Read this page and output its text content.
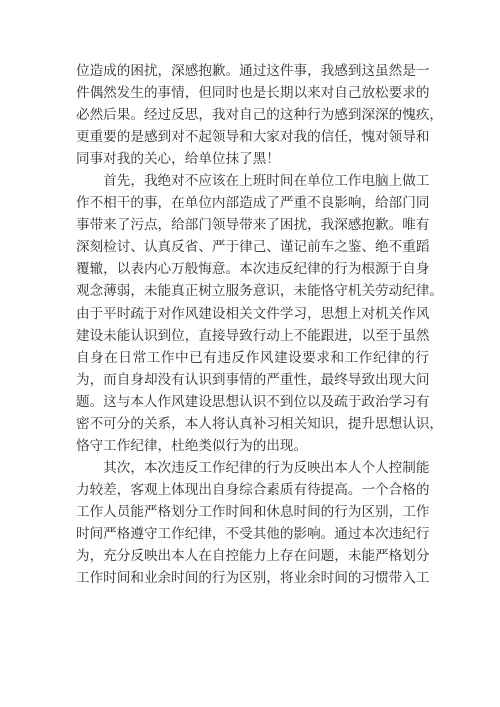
位造成的困扰，深感抱歉。通过这件事，我感到这虽然是一
件偶然发生的事情，但同时也是长期以来对自己放松要求的
必然后果。经过反思，我对自己的这种行为感到深深的愧疚，
更重要的是感到对不起领导和大家对我的信任，愧对领导和
同事对我的关心，给单位抹了黑！
　　首先，我绝对不应该在上班时间在单位工作电脑上做工
作不相干的事，在单位内部造成了严重不良影响，给部门同
事带来了污点，给部门领导带来了困扰，我深感抱歉。唯有
深刻检讨、认真反省、严于律己、谨记前车之鉴、绝不重蹈
覆辙，以表内心万般悔意。本次违反纪律的行为根源于自身
观念薄弱，未能真正树立服务意识，未能恪守机关劳动纪律。
由于平时疏于对作风建设相关文件学习，思想上对机关作风
建设未能认识到位，直接导致行动上不能跟进，以至于虽然
自身在日常工作中已有违反作风建设要求和工作纪律的行
为，而自身却没有认识到事情的严重性，最终导致出现大问
题。这与本人作风建设思想认识不到位以及疏于政治学习有
密不可分的关系，本人将认真补习相关知识，提升思想认识，
恪守工作纪律，杜绝类似行为的出现。
　　其次，本次违反工作纪律的行为反映出本人个人控制能
力较差，客观上体现出自身综合素质有待提高。一个合格的
工作人员能严格划分工作时间和休息时间的行为区别，工作
时间严格遵守工作纪律，不受其他的影响。通过本次违纪行
为，充分反映出本人在自控能力上存在问题，未能严格划分
工作时间和业余时间的行为区别，将业余时间的习惯带入工
